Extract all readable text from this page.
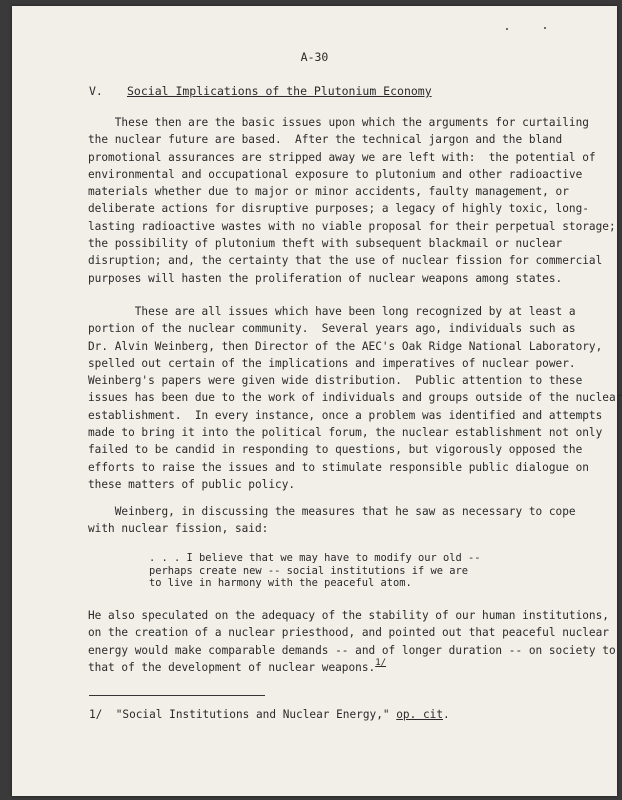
A-30
V. Social Implications of the Plutonium Economy

These then are the basic issues upon which the arguments for curtailing
the nuclear future are based.  After the technical jargon and the bland
promotional assurances are stripped away we are left with:  the potential of
environmental and occupational exposure to plutonium and other radioactive
materials whether due to major or minor accidents, faulty management, or
deliberate actions for disruptive purposes; a legacy of highly toxic, long-
lasting radioactive wastes with no viable proposal for their perpetual storage;
the possibility of plutonium theft with subsequent blackmail or nuclear
disruption; and, the certainty that the use of nuclear fission for commercial
purposes will hasten the proliferation of nuclear weapons among states.

These are all issues which have been long recognized by at least a
portion of the nuclear community.  Several years ago, individuals such as
Dr. Alvin Weinberg, then Director of the AEC's Oak Ridge National Laboratory,
spelled out certain of the implications and imperatives of nuclear power.
Weinberg's papers were given wide distribution.  Public attention to these
issues has been due to the work of individuals and groups outside of the nuclear
establishment.  In every instance, once a problem was identified and attempts
made to bring it into the political forum, the nuclear establishment not only
failed to be candid in responding to questions, but vigorously opposed the
efforts to raise the issues and to stimulate responsible public dialogue on
these matters of public policy.

Weinberg, in discussing the measures that he saw as necessary to cope
with nuclear fission, said:

. . . I believe that we may have to modify our old --
perhaps create new -- social institutions if we are
to live in harmony with the peaceful atom.

He also speculated on the adequacy of the stability of our human institutions,
on the creation of a nuclear priesthood, and pointed out that peaceful nuclear
energy would make comparable demands -- and of longer duration -- on society to
that of the development of nuclear weapons.$^{1/}$
1/  "Social Institutions and Nuclear Energy," op. cit.
